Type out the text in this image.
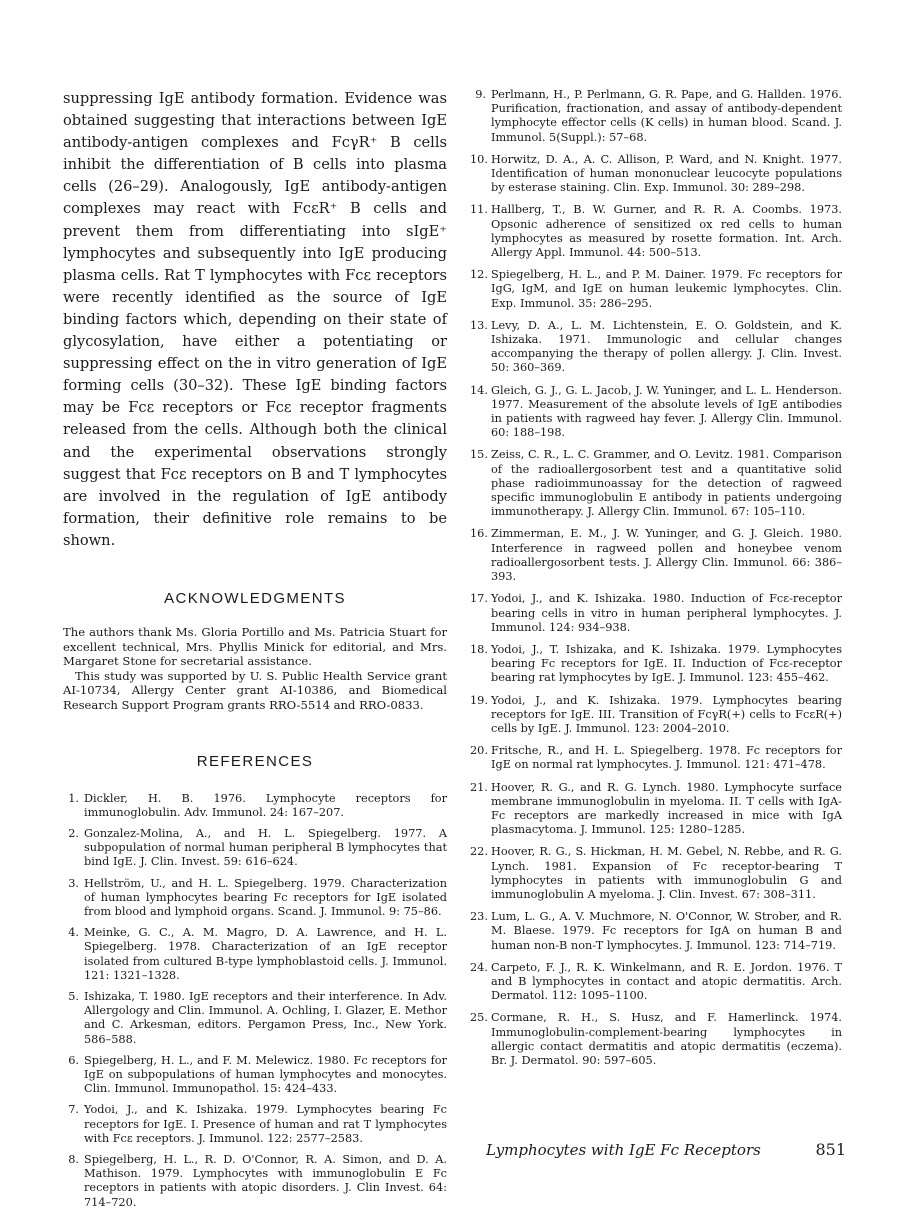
suppressing IgE antibody formation. Evidence was obtained suggesting that interactions between IgE antibody-antigen complexes and FcγR⁺ B cells inhibit the differentiation of B cells into plasma cells (26–29). Analogously, IgE antibody-antigen complexes may react with FcεR⁺ B cells and prevent them from differentiating into sIgE⁺ lymphocytes and subsequently into IgE producing plasma cells. Rat T lymphocytes with Fcε receptors were recently identified as the source of IgE binding factors which, depending on their state of glycosylation, have either a potentiating or suppressing effect on the in vitro generation of IgE forming cells (30–32). These IgE binding factors may be Fcε receptors or Fcε receptor fragments released from the cells. Although both the clinical and the experimental observations strongly suggest that Fcε receptors on B and T lymphocytes are involved in the regulation of IgE antibody formation, their definitive role remains to be shown.

ACKNOWLEDGMENTS

The authors thank Ms. Gloria Portillo and Ms. Patricia Stuart for excellent technical, Mrs. Phyllis Minick for editorial, and Mrs. Margaret Stone for secretarial assistance.

This study was supported by U. S. Public Health Service grant AI-10734, Allergy Center grant AI-10386, and Biomedical Research Support Program grants RRO-5514 and RRO-0833.

REFERENCES
1. Dickler, H. B. 1976. Lymphocyte receptors for immunoglobulin. Adv. Immunol. 24: 167–207.
2. Gonzalez-Molina, A., and H. L. Spiegelberg. 1977. A subpopulation of normal human peripheral B lymphocytes that bind IgE. J. Clin. Invest. 59: 616–624.
3. Hellström, U., and H. L. Spiegelberg. 1979. Characterization of human lymphocytes bearing Fc receptors for IgE isolated from blood and lymphoid organs. Scand. J. Immunol. 9: 75–86.
4. Meinke, G. C., A. M. Magro, D. A. Lawrence, and H. L. Spiegelberg. 1978. Characterization of an IgE receptor isolated from cultured B-type lymphoblastoid cells. J. Immunol. 121: 1321–1328.
5. Ishizaka, T. 1980. IgE receptors and their interference. In Adv. Allergology and Clin. Immunol. A. Ochling, I. Glazer, E. Methor and C. Arkesman, editors. Pergamon Press, Inc., New York. 586–588.
6. Spiegelberg, H. L., and F. M. Melewicz. 1980. Fc receptors for IgE on subpopulations of human lymphocytes and monocytes. Clin. Immunol. Immunopathol. 15: 424–433.
7. Yodoi, J., and K. Ishizaka. 1979. Lymphocytes bearing Fc receptors for IgE. I. Presence of human and rat T lymphocytes with Fcε receptors. J. Immunol. 122: 2577–2583.
8. Spiegelberg, H. L., R. D. O'Connor, R. A. Simon, and D. A. Mathison. 1979. Lymphocytes with immunoglobulin E Fc receptors in patients with atopic disorders. J. Clin Invest. 64: 714–720.
9. Perlmann, H., P. Perlmann, G. R. Pape, and G. Hallden. 1976. Purification, fractionation, and assay of antibody-dependent lymphocyte effector cells (K cells) in human blood. Scand. J. Immunol. 5(Suppl.): 57–68.
10. Horwitz, D. A., A. C. Allison, P. Ward, and N. Knight. 1977. Identification of human mononuclear leucocyte populations by esterase staining. Clin. Exp. Immunol. 30: 289–298.
11. Hallberg, T., B. W. Gurner, and R. R. A. Coombs. 1973. Opsonic adherence of sensitized ox red cells to human lymphocytes as measured by rosette formation. Int. Arch. Allergy Appl. Immunol. 44: 500–513.
12. Spiegelberg, H. L., and P. M. Dainer. 1979. Fc receptors for IgG, IgM, and IgE on human leukemic lymphocytes. Clin. Exp. Immunol. 35: 286–295.
13. Levy, D. A., L. M. Lichtenstein, E. O. Goldstein, and K. Ishizaka. 1971. Immunologic and cellular changes accompanying the therapy of pollen allergy. J. Clin. Invest. 50: 360–369.
14. Gleich, G. J., G. L. Jacob, J. W. Yuninger, and L. L. Henderson. 1977. Measurement of the absolute levels of IgE antibodies in patients with ragweed hay fever. J. Allergy Clin. Immunol. 60: 188–198.
15. Zeiss, C. R., L. C. Grammer, and O. Levitz. 1981. Comparison of the radioallergosorbent test and a quantitative solid phase radioimmunoassay for the detection of ragweed specific immunoglobulin E antibody in patients undergoing immunotherapy. J. Allergy Clin. Immunol. 67: 105–110.
16. Zimmerman, E. M., J. W. Yuninger, and G. J. Gleich. 1980. Interference in ragweed pollen and honeybee venom radioallergosorbent tests. J. Allergy Clin. Immunol. 66: 386–393.
17. Yodoi, J., and K. Ishizaka. 1980. Induction of Fcε-receptor bearing cells in vitro in human peripheral lymphocytes. J. Immunol. 124: 934–938.
18. Yodoi, J., T. Ishizaka, and K. Ishizaka. 1979. Lymphocytes bearing Fc receptors for IgE. II. Induction of Fcε-receptor bearing rat lymphocytes by IgE. J. Immunol. 123: 455–462.
19. Yodoi, J., and K. Ishizaka. 1979. Lymphocytes bearing receptors for IgE. III. Transition of FcγR(+) cells to FcεR(+) cells by IgE. J. Immunol. 123: 2004–2010.
20. Fritsche, R., and H. L. Spiegelberg. 1978. Fc receptors for IgE on normal rat lymphocytes. J. Immunol. 121: 471–478.
21. Hoover, R. G., and R. G. Lynch. 1980. Lymphocyte surface membrane immunoglobulin in myeloma. II. T cells with IgA-Fc receptors are markedly increased in mice with IgA plasmacytoma. J. Immunol. 125: 1280–1285.
22. Hoover, R. G., S. Hickman, H. M. Gebel, N. Rebbe, and R. G. Lynch. 1981. Expansion of Fc receptor-bearing T lymphocytes in patients with immunoglobulin G and immunoglobulin A myeloma. J. Clin. Invest. 67: 308–311.
23. Lum, L. G., A. V. Muchmore, N. O'Connor, W. Strober, and R. M. Blaese. 1979. Fc receptors for IgA on human B and human non-B non-T lymphocytes. J. Immunol. 123: 714–719.
24. Carpeto, F. J., R. K. Winkelmann, and R. E. Jordon. 1976. T and B lymphocytes in contact and atopic dermatitis. Arch. Dermatol. 112: 1095–1100.
25. Cormane, R. H., S. Husz, and F. Hamerlinck. 1974. Immunoglobulin-complement-bearing lymphocytes in allergic contact dermatitis and atopic dermatitis (eczema). Br. J. Dermatol. 90: 597–605.
Lymphocytes with IgE Fc Receptors	851
